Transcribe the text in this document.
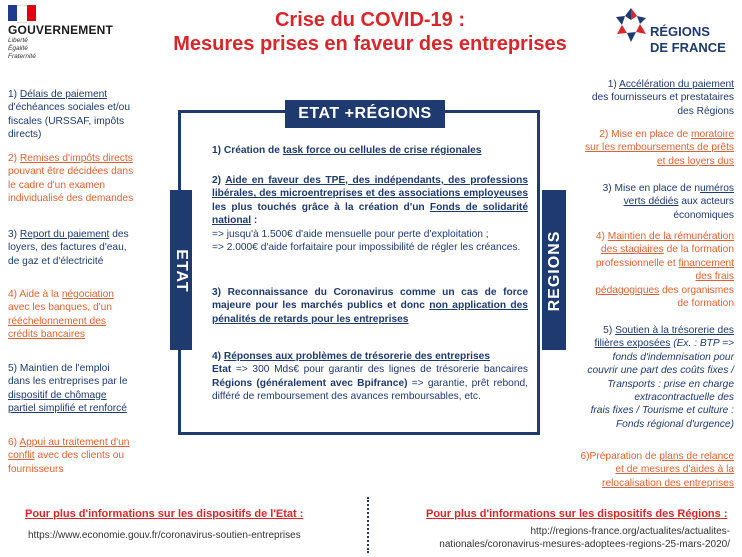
GOUVERNEMENT
Liberté
Égalité
Fraternité
Crise du COVID-19 :
Mesures prises en faveur des entreprises
RÉGIONS
DE FRANCE
1) Délais de paiement
d'échéances sociales et/ou
fiscales (URSSAF, impôts
directs)
2) Remises d'impôts directs
pouvant être décidées dans
le cadre d'un examen
individualisé des demandes
3) Report du paiement des
loyers, des factures d'eau,
de gaz et d'électricité
4) Aide à la négociation
avec les banques, d'un
rééchelonnement des
crédits bancaires
5) Maintien de l'emploi
dans les entreprises par le
dispositif de chômage
partiel simplifié et renforcé
6) Appui au traitement d'un
conflit avec des clients ou
fournisseurs
ETAT +RÉGIONS
ETAT	REGIONS
1) Création de task force ou cellules de crise régionales
2) Aide en faveur des TPE, des indépendants, des professions libérales, des microentreprises et des associations employeuses les plus touchés grâce à la création d'un Fonds de solidarité national :
=> jusqu'à 1.500€ d'aide mensuelle pour perte d'exploitation ;
=> 2.000€ d'aide forfaitaire pour impossibilité de régler les créances.
3) Reconnaissance du Coronavirus comme un cas de force majeure pour les marchés publics et donc non application des pénalités de retards pour les entreprises
4) Réponses aux problèmes de trésorerie des entreprises
Etat => 300 Mds€ pour garantir des lignes de trésorerie bancaires Régions (généralement avec Bpifrance) => garantie, prêt rebond, différé de remboursement des avances remboursables, etc.
1) Accélération du paiement
des fournisseurs et prestataires
des Régions
2) Mise en place de moratoire
sur les remboursements de prêts
et des loyers dus
3) Mise en place de numéros
verts dédiés aux acteurs
économiques
4) Maintien de la rémunération
des stagiaires de la formation
professionnelle et financement
des frais
pédagogiques des organismes
de formation
5) Soutien à la trésorerie des
filières exposées (Ex. : BTP =>
fonds d'indemnisation pour
couvrir une part des coûts fixes /
Transports : prise en charge
extracontractuelle des
frais fixes / Tourisme et culture :
Fonds régional d'urgence)
6)Préparation de plans de relance
et de mesures d'aides à la
relocalisation des entreprises
Pour plus d'informations sur les dispositifs de l'Etat :
https://www.economie.gouv.fr/coronavirus-soutien-entreprises
Pour plus d'informations sur les dispositifs des Régions :
http://regions-france.org/actualites/actualites-nationales/coronavirus-mesures-adoptees-regions-25-mars-2020/
